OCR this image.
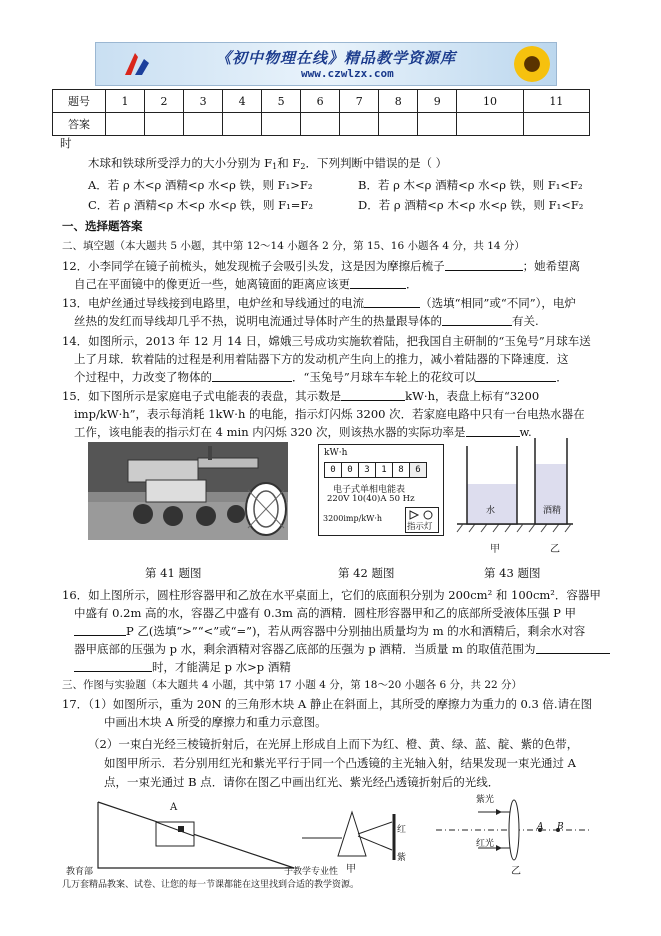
《初中物理在线》精品教学资源库
www.czwlzx.com
题号	1	2	3	4	5	6	7	8	9	10	11
答案											
时
木球和铁球所受浮力的大小分别为 $F_1$和 $F_2$．下列判断中错误的是（ ）
A．若 ρ 木<ρ 酒精<ρ 水<ρ 铁，则 F₁>F₂	B．若 ρ 木<ρ 酒精<ρ 水<ρ 铁，则 F₁<F₂
C．若 ρ 酒精<ρ 木<ρ 水<ρ 铁，则 F₁=F₂	D．若 ρ 酒精<ρ 木<ρ 水<ρ 铁，则 F₁<F₂
一、选择题答案
二、填空题（本大题共 5 小题，其中第 12～14 小题各 2 分，第 15、16 小题各 4 分，共 14 分）
12．小李同学在镜子前梳头，她发现梳子会吸引头发，这是因为摩擦后梳子	；她希望离
自己在平面镜中的像更近一些，她离镜面的距离应该更	．
13．电炉丝通过导线接到电路里，电炉丝和导线通过的电流	（选填“相同”或“不同”），电炉
丝热的发红而导线却几乎不热，说明电流通过导体时产生的热量跟导体的	有关.
14．如图所示，2013 年 12 月 14 日，嫦娥三号成功实施软着陆，把我国自主研制的“玉兔号”月球车送
上了月球．软着陆的过程是利用着陆器下方的发动机产生向上的推力，减小着陆器的下降速度．这
个过程中，力改变了物体的	．“玉兔号”月球车车轮上的花纹可以	．
15．如下图所示是家庭电子式电能表的表盘，其示数是	kW·h，表盘上标有“3200
imp/kW·h”，表示每消耗 1kW·h 的电能，指示灯闪烁 3200 次．若家庭电路中只有一台电热水器在
工作，该电能表的指示灯在 4 min 内闪烁 320 次，则该热水器的实际功率是	w.
kW·h
0	0	3	1	8	6
电子式单相电能表
220V 10(40)A 50 Hz
3200imp/kW·h
指示灯
水	酒精
甲	乙
第 41 题图	第 42 题图	第 43 题图
16．如上图所示，圆柱形容器甲和乙放在水平桌面上，它们的底面积分别为 200cm² 和 100cm²．容器甲
中盛有 0.2m 高的水，容器乙中盛有 0.3m 高的酒精．圆柱形容器甲和乙的底部所受液体压强 P 甲
P 乙(选填“>”“<”或“=”)，若从两容器中分别抽出质量均为 m 的水和酒精后，剩余水对容
器甲底部的压强为 p 水，剩余酒精对容器乙底部的压强为 p 酒精．当质量 m 的取值范围为
时，才能满足 p 水>p 酒精
三、作图与实验题（本大题共 4 小题，其中第 17 小题 4 分，第 18～20 小题各 6 分，共 22 分）
17．（1）如图所示，重为 20N 的三角形木块 A 静止在斜面上，其所受的摩擦力为重力的 0.3 倍.请在图
中画出木块 A 所受的摩擦力和重力示意图。
（2）一束白光经三棱镜折射后，在光屏上形成自上而下为红、橙、黄、绿、蓝、靛、紫的色带，
如图甲所示．若分别用红光和紫光平行于同一个凸透镜的主光轴入射，结果发现一束光通过 A
点，一束光通过 B 点．请你在图乙中画出红光、紫光经凸透镜折射后的光线．
A
红
紫
甲
紫光
红光
A B
乙
教育部	子教学专业性
几万套精品教案、试卷、让您的每一节课都能在这里找到合适的教学资源。
